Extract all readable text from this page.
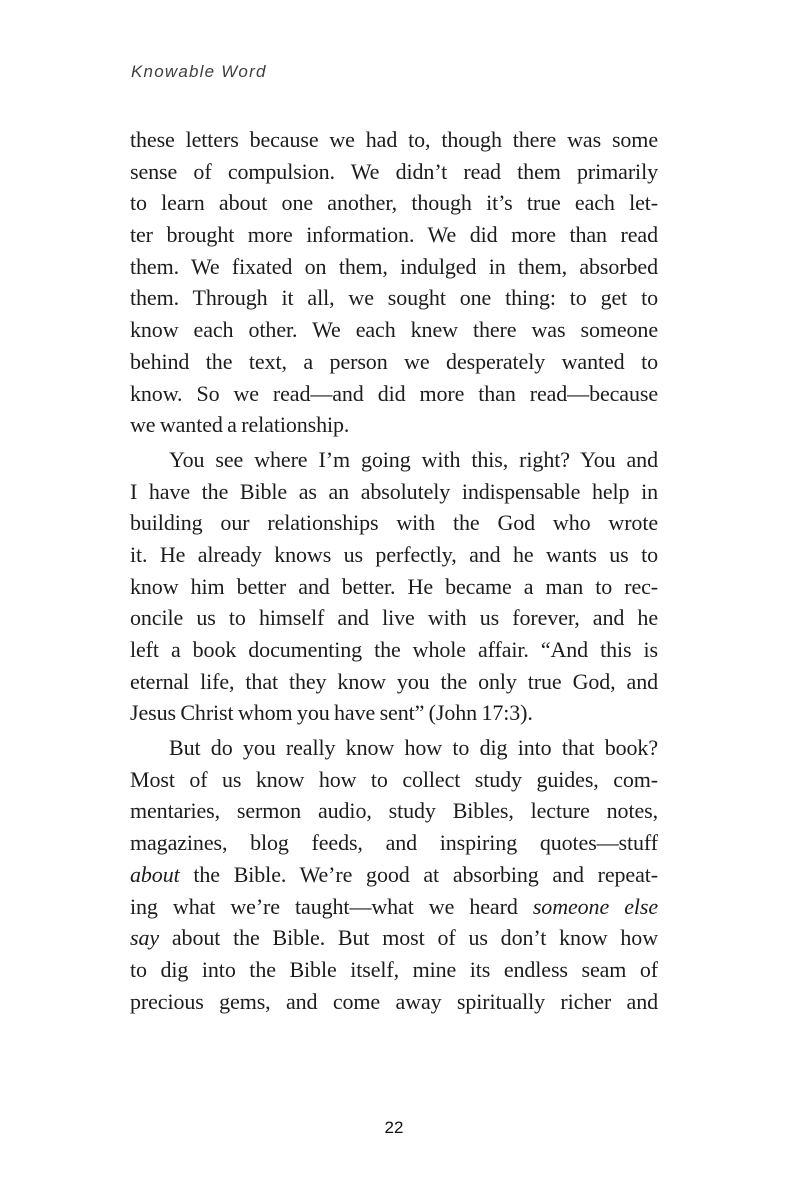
Knowable Word
these letters because we had to, though there was some
sense of compulsion. We didn’t read them primarily
to learn about one another, though it’s true each let-
ter brought more information. We did more than read
them. We fixated on them, indulged in them, absorbed
them. Through it all, we sought one thing: to get to
know each other. We each knew there was someone
behind the text, a person we desperately wanted to
know. So we read—and did more than read—because
we wanted a relationship.
You see where I’m going with this, right? You and
I have the Bible as an absolutely indispensable help in
building our relationships with the God who wrote
it. He already knows us perfectly, and he wants us to
know him better and better. He became a man to rec-
oncile us to himself and live with us forever, and he
left a book documenting the whole affair. “And this is
eternal life, that they know you the only true God, and
Jesus Christ whom you have sent” (John 17:3).
But do you really know how to dig into that book?
Most of us know how to collect study guides, com-
mentaries, sermon audio, study Bibles, lecture notes,
magazines, blog feeds, and inspiring quotes—stuff
about the Bible. We’re good at absorbing and repeat-
ing what we’re taught—what we heard someone else
say about the Bible. But most of us don’t know how
to dig into the Bible itself, mine its endless seam of
precious gems, and come away spiritually richer and
22
